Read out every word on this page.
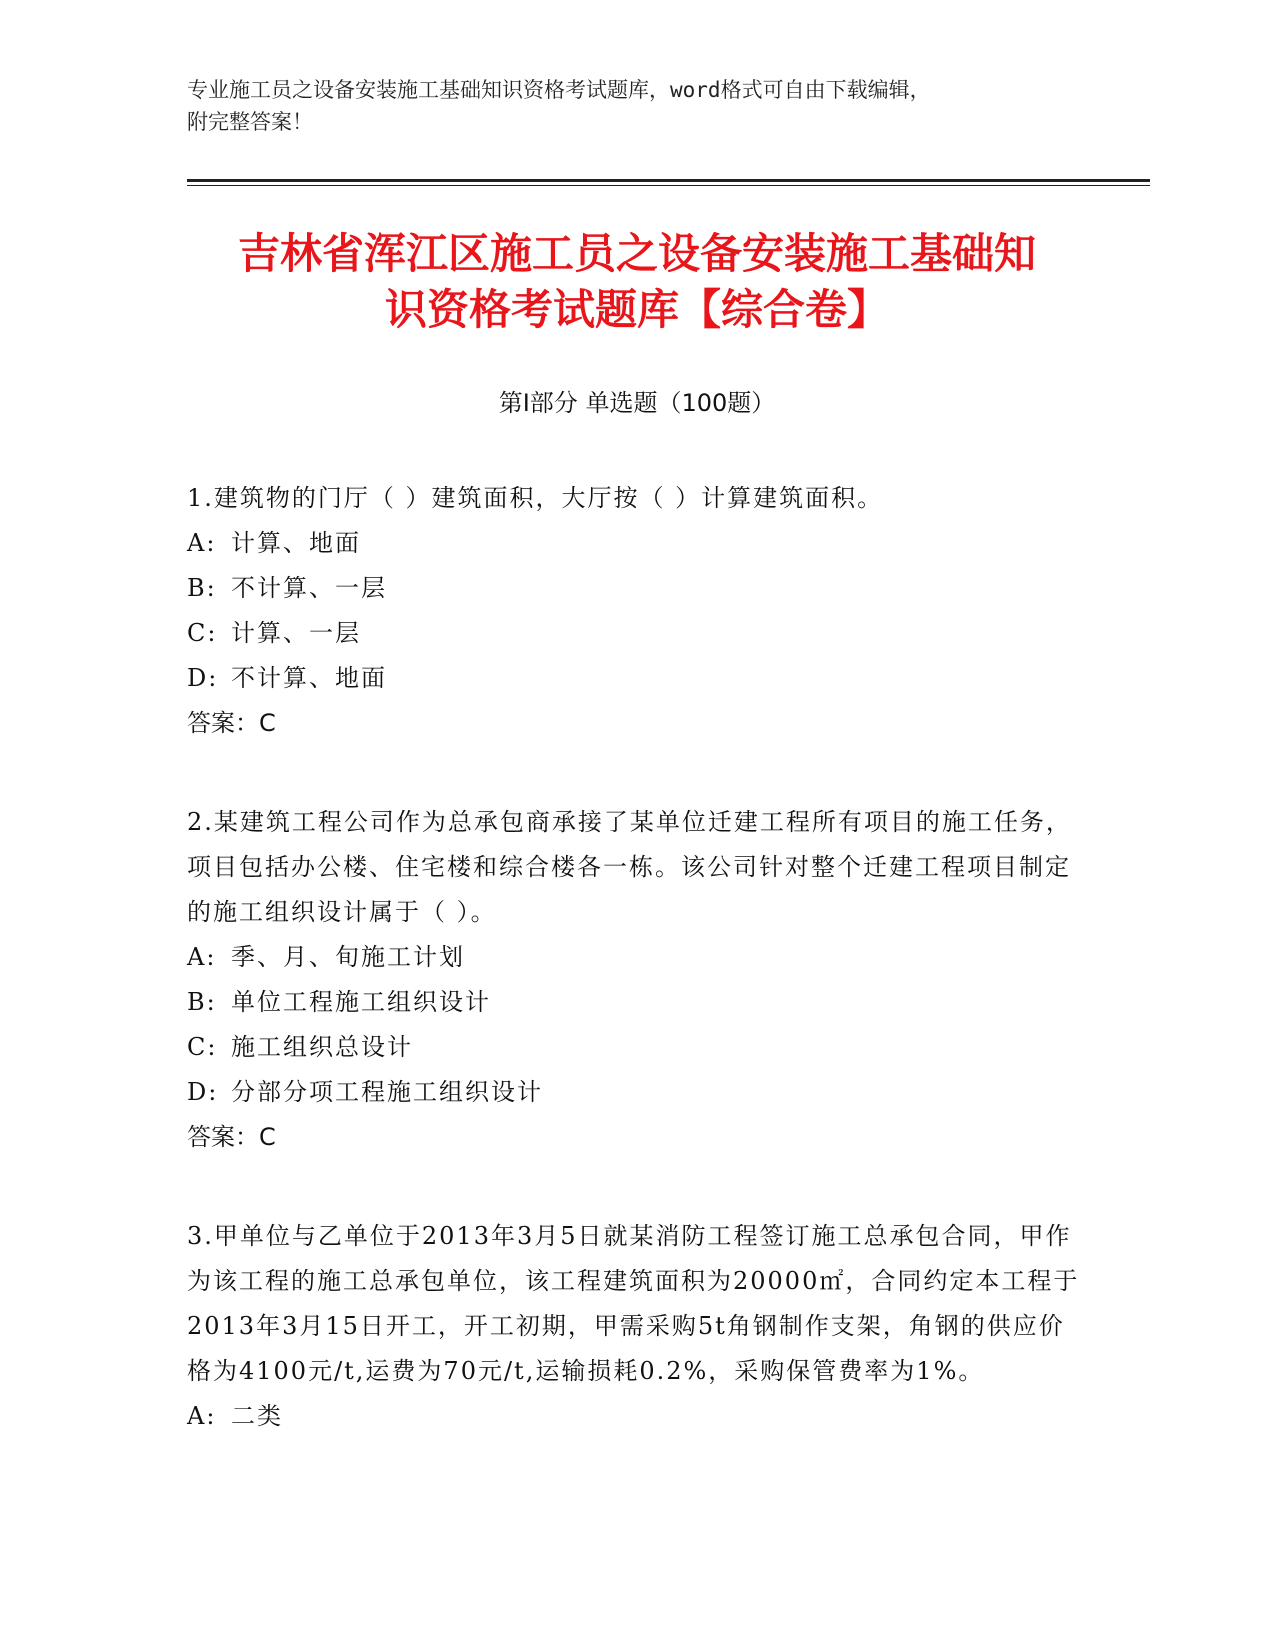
专业施工员之设备安装施工基础知识资格考试题库，word格式可自由下载编辑，
附完整答案！
吉林省浑江区施工员之设备安装施工基础知
识资格考试题库【综合卷】
第Ⅰ部分 单选题（100题）

1.建筑物的门厅（ ）建筑面积，大厅按（ ）计算建筑面积。

A: 计算、地面

B: 不计算、一层

C: 计算、一层

D: 不计算、地面

答案：C

2.某建筑工程公司作为总承包商承接了某单位迁建工程所有项目的施工任务，项目包括办公楼、住宅楼和综合楼各一栋。该公司针对整个迁建工程项目制定的施工组织设计属于（ ）。

A: 季、月、旬施工计划

B: 单位工程施工组织设计

C: 施工组织总设计

D: 分部分项工程施工组织设计

答案：C

3.甲单位与乙单位于2013年3月5日就某消防工程签订施工总承包合同，甲作为该工程的施工总承包单位，该工程建筑面积为20000㎡，合同约定本工程于2013年3月15日开工，开工初期，甲需采购5t角钢制作支架，角钢的供应价格为4100元/t,运费为70元/t,运输损耗0.2%，采购保管费率为1%。

A: 二类
